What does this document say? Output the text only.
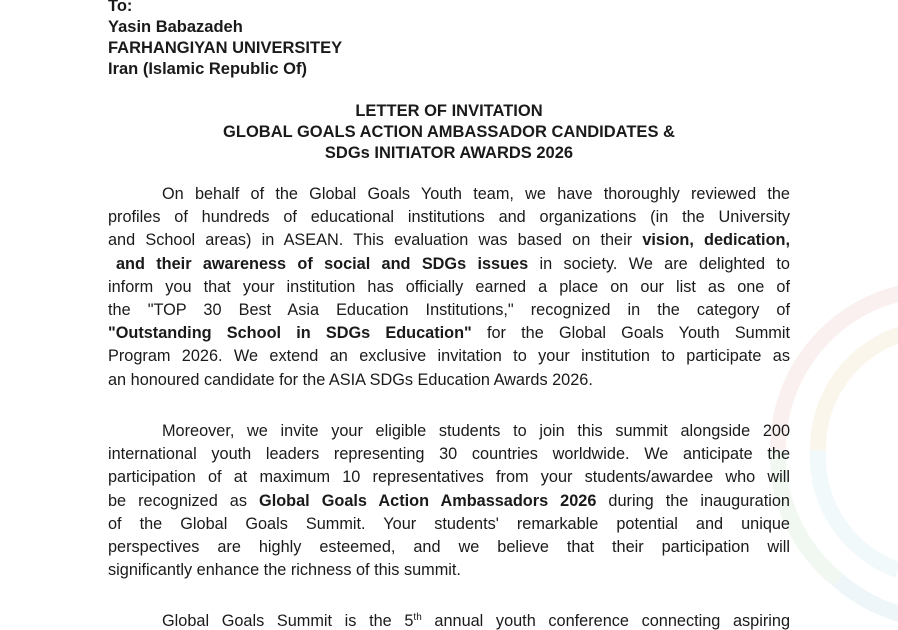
To:
Yasin Babazadeh
FARHANGIYAN UNIVERSITEY
Iran (Islamic Republic Of)
LETTER OF INVITATION
GLOBAL GOALS ACTION AMBASSADOR CANDIDATES &
SDGs INITIATOR AWARDS 2026
On behalf of the Global Goals Youth team, we have thoroughly reviewed the
profiles of hundreds of educational institutions and organizations (in the University
and School areas) in ASEAN. This evaluation was based on their vision, dedication,
and their awareness of social and SDGs issues in society. We are delighted to
inform you that your institution has officially earned a place on our list as one of
the "TOP 30 Best Asia Education Institutions," recognized in the category of
"Outstanding School in SDGs Education" for the Global Goals Youth Summit
Program 2026. We extend an exclusive invitation to your institution to participate as
an honoured candidate for the ASIA SDGs Education Awards 2026.
Moreover, we invite your eligible students to join this summit alongside 200
international youth leaders representing 30 countries worldwide. We anticipate the
participation of at maximum 10 representatives from your students/awardee who will
be recognized as Global Goals Action Ambassadors 2026 during the inauguration
of the Global Goals Summit. Your students' remarkable potential and unique
perspectives are highly esteemed, and we believe that their participation will
significantly enhance the richness of this summit.
Global Goals Summit is the 5th annual youth conference connecting aspiring
